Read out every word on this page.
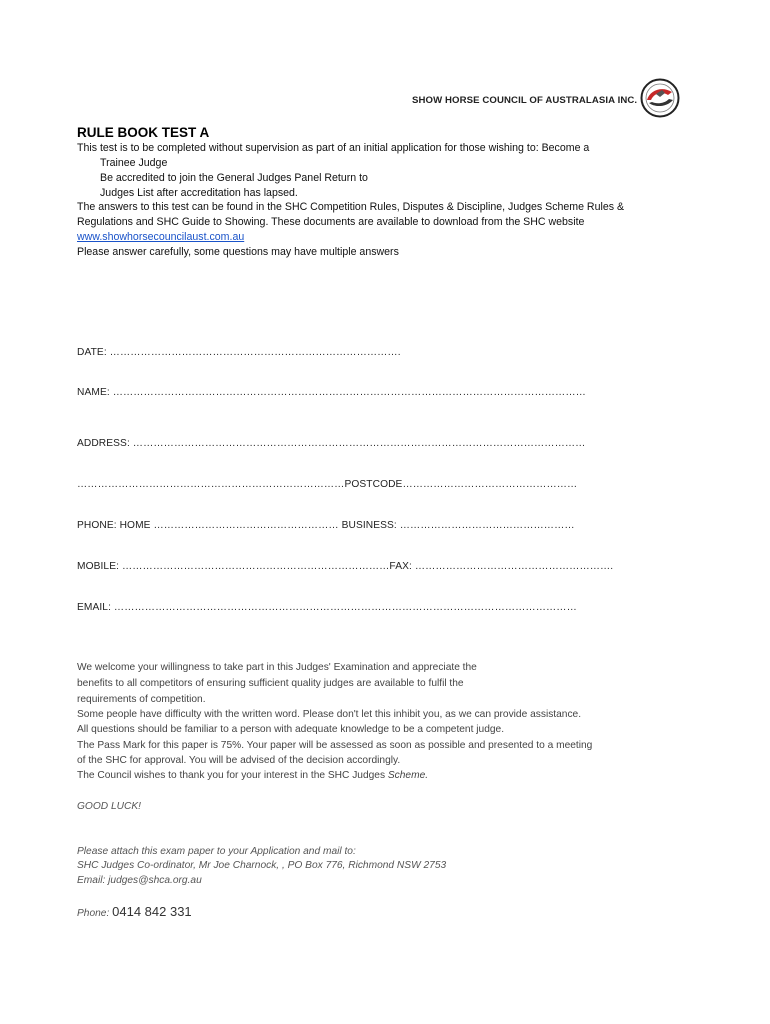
SHOW HORSE COUNCIL OF AUSTRALASIA INC.
RULE BOOK TEST A
This test is to be completed without supervision as part of an initial application for those wishing to: Become a
Trainee Judge
Be accredited to join the General Judges Panel Return to
Judges List after accreditation has lapsed.
The answers to this test can be found in the SHC Competition Rules, Disputes & Discipline, Judges Scheme Rules &
Regulations and SHC Guide to Showing. These documents are available to download from the SHC website
www.showhorsecouncilaust.com.au
Please answer carefully, some questions may have multiple answers
DATE: ………………………………………………………………………….
NAME: …………………………………………………………………………………………………………………………
ADDRESS: ……………………………………………………………………………………………………………………
……………………………………………………………………POSTCODE……………………………………………
PHONE: HOME ……………………………………………… BUSINESS: ……………………………………………
MOBILE: ……………………………………………………………………FAX: ………………………………………………….
EMAIL: ………………………………………………………………………………………………………………………
We welcome your willingness to take part in this Judges' Examination and appreciate the
benefits to all competitors of ensuring sufficient quality judges are available to fulfil the
requirements of competition.
Some people have difficulty with the written word. Please don't let this inhibit you, as we can provide assistance.
All questions should be familiar to a person with adequate knowledge to be a competent judge.
The Pass Mark for this paper is 75%. Your paper will be assessed as soon as possible and presented to a meeting
of the SHC for approval. You will be advised of the decision accordingly.
The Council wishes to thank you for your interest in the SHC Judges Scheme.
GOOD LUCK!
Please attach this exam paper to your Application and mail to:
SHC Judges Co-ordinator, Mr Joe Charnock, , PO Box 776, Richmond NSW 2753
Email: judges@shca.org.au
Phone: 0414 842 331
